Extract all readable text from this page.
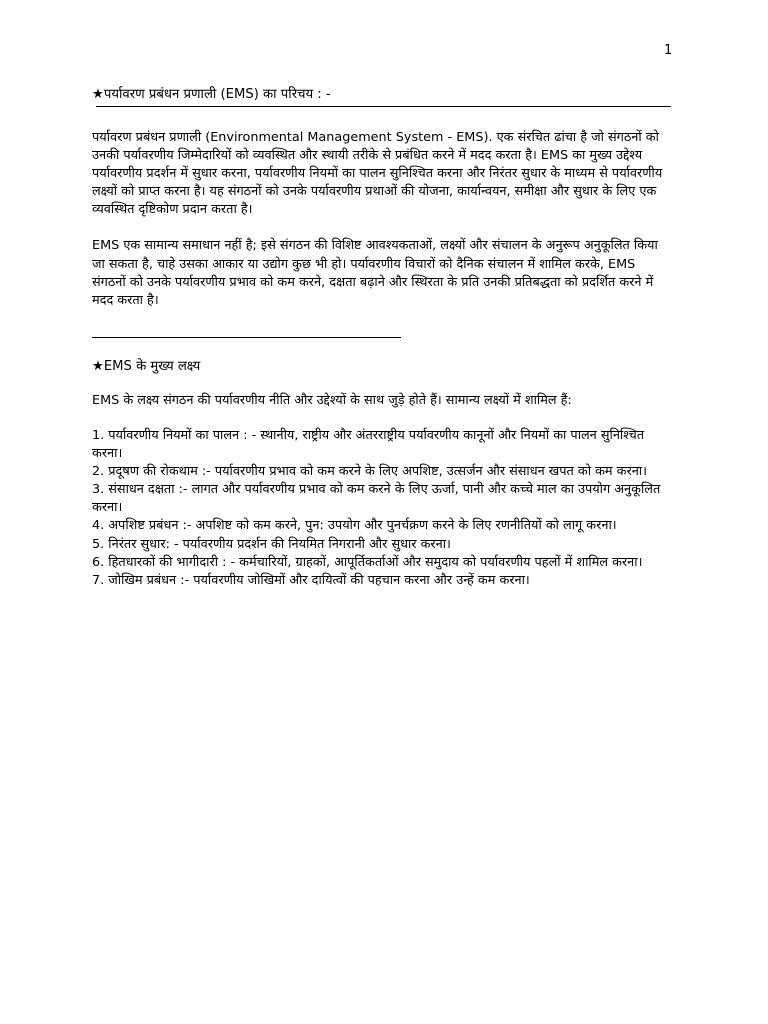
1

★पर्यावरण प्रबंधन प्रणाली (EMS) का परिचय : -

पर्यावरण प्रबंधन प्रणाली (Environmental Management System - EMS). एक संरचित ढांचा है जो संगठनों को उनकी पर्यावरणीय जिम्मेदारियों को व्यवस्थित और स्थायी तरीके से प्रबंधित करने में मदद करता है। EMS का मुख्य उद्देश्य पर्यावरणीय प्रदर्शन में सुधार करना, पर्यावरणीय नियमों का पालन सुनिश्चित करना और निरंतर सुधार के माध्यम से पर्यावरणीय लक्ष्यों को प्राप्त करना है। यह संगठनों को उनके पर्यावरणीय प्रथाओं की योजना, कार्यान्वयन, समीक्षा और सुधार के लिए एक व्यवस्थित दृष्टिकोण प्रदान करता है।

EMS एक सामान्य समाधान नहीं है; इसे संगठन की विशिष्ट आवश्यकताओं, लक्ष्यों और संचालन के अनुरूप अनुकूलित किया जा सकता है, चाहे उसका आकार या उद्योग कुछ भी हो। पर्यावरणीय विचारों को दैनिक संचालन में शामिल करके, EMS संगठनों को उनके पर्यावरणीय प्रभाव को कम करने, दक्षता बढ़ाने और स्थिरता के प्रति उनकी प्रतिबद्धता को प्रदर्शित करने में मदद करता है।

★EMS के मुख्य लक्ष्य

EMS के लक्ष्य संगठन की पर्यावरणीय नीति और उद्देश्यों के साथ जुड़े होते हैं। सामान्य लक्ष्यों में शामिल हैं:

1. पर्यावरणीय नियमों का पालन : - स्थानीय, राष्ट्रीय और अंतरराष्ट्रीय पर्यावरणीय कानूनों और नियमों का पालन सुनिश्चित करना।

2. प्रदूषण की रोकथाम :- पर्यावरणीय प्रभाव को कम करने के लिए अपशिष्ट, उत्सर्जन और संसाधन खपत को कम करना।

3. संसाधन दक्षता :- लागत और पर्यावरणीय प्रभाव को कम करने के लिए ऊर्जा, पानी और कच्चे माल का उपयोग अनुकूलित करना।

4. अपशिष्ट प्रबंधन :- अपशिष्ट को कम करने, पुन: उपयोग और पुनर्चक्रण करने के लिए रणनीतियों को लागू करना।

5. निरंतर सुधार: - पर्यावरणीय प्रदर्शन की नियमित निगरानी और सुधार करना।

6. हितधारकों की भागीदारी : - कर्मचारियों, ग्राहकों, आपूर्तिकर्ताओं और समुदाय को पर्यावरणीय पहलों में शामिल करना।

7. जोखिम प्रबंधन :- पर्यावरणीय जोखिमों और दायित्वों की पहचान करना और उन्हें कम करना।
